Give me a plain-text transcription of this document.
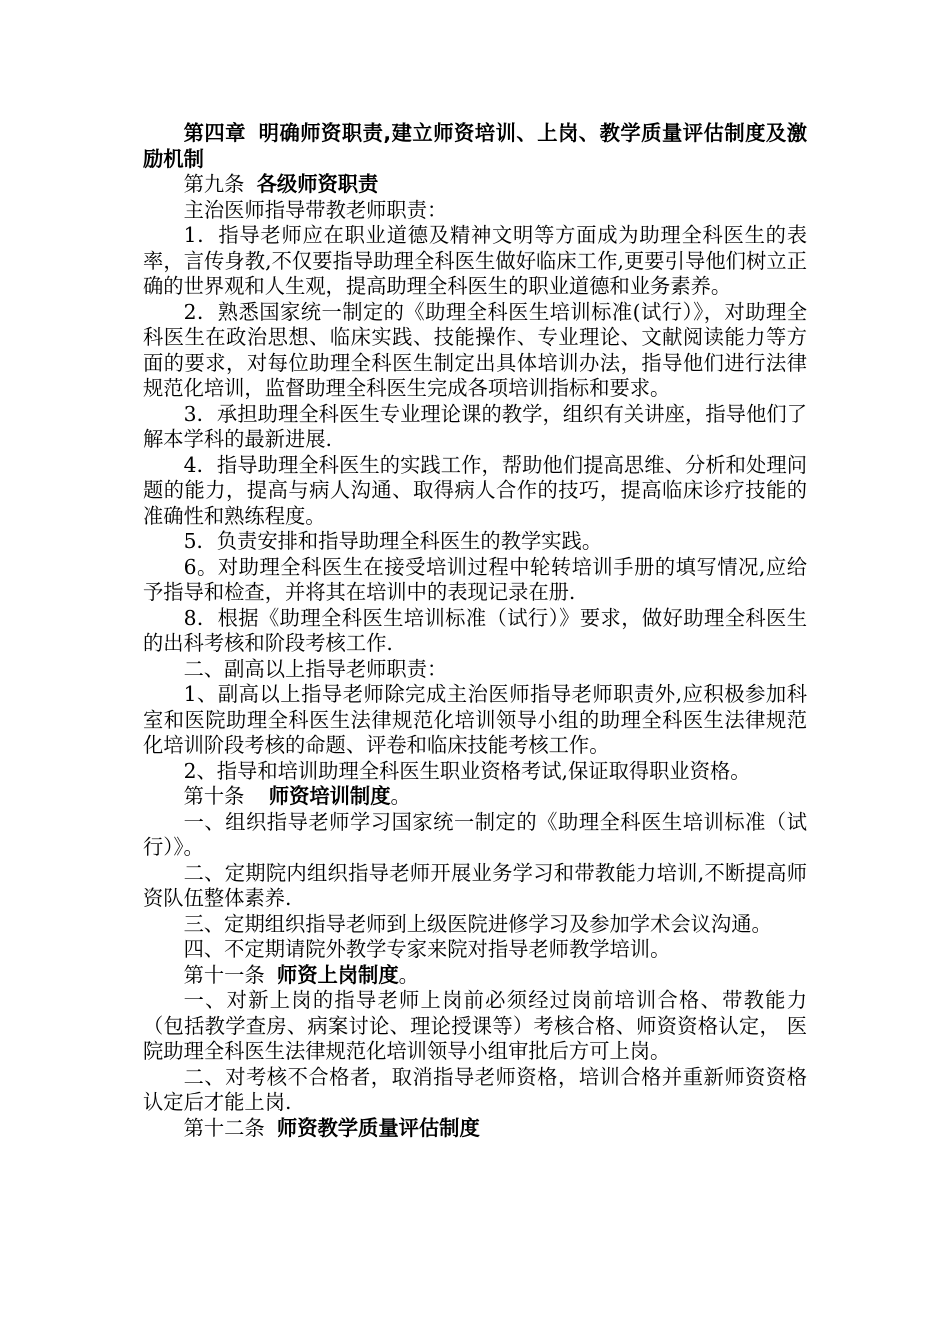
第四章 明确师资职责,建立师资培训、上岗、教学质量评估制度及激励机制

第九条 各级师资职责

主治医师指导带教老师职责：

1．指导老师应在职业道德及精神文明等方面成为助理全科医生的表率，言传身教,不仅要指导助理全科医生做好临床工作,更要引导他们树立正确的世界观和人生观，提高助理全科医生的职业道德和业务素养。

2．熟悉国家统一制定的《助理全科医生培训标准(试行）》，对助理全科医生在政治思想、临床实践、技能操作、专业理论、文献阅读能力等方面的要求，对每位助理全科医生制定出具体培训办法，指导他们进行法律规范化培训，监督助理全科医生完成各项培训指标和要求。

3．承担助理全科医生专业理论课的教学，组织有关讲座，指导他们了解本学科的最新进展.

4．指导助理全科医生的实践工作，帮助他们提高思维、分析和处理问题的能力，提高与病人沟通、取得病人合作的技巧，提高临床诊疗技能的准确性和熟练程度。

5．负责安排和指导助理全科医生的教学实践。

6。对助理全科医生在接受培训过程中轮转培训手册的填写情况,应给予指导和检查，并将其在培训中的表现记录在册.

8．根据《助理全科医生培训标准（试行）》要求，做好助理全科医生的出科考核和阶段考核工作.

二、副高以上指导老师职责：

1、副高以上指导老师除完成主治医师指导老师职责外,应积极参加科室和医院助理全科医生法律规范化培训领导小组的助理全科医生法律规范化培训阶段考核的命题、评卷和临床技能考核工作。

2、指导和培训助理全科医生职业资格考试,保证取得职业资格。

第十条 师资培训制度。

一、组织指导老师学习国家统一制定的《助理全科医生培训标准（试行）》。

二、定期院内组织指导老师开展业务学习和带教能力培训,不断提高师资队伍整体素养.

三、定期组织指导老师到上级医院进修学习及参加学术会议沟通。

四、不定期请院外教学专家来院对指导老师教学培训。

第十一条 师资上岗制度。

一、对新上岗的指导老师上岗前必须经过岗前培训合格、带教能力（包括教学查房、病案讨论、理论授课等）考核合格、师资资格认定， 医院助理全科医生法律规范化培训领导小组审批后方可上岗。

二、对考核不合格者，取消指导老师资格，培训合格并重新师资资格认定后才能上岗.

第十二条 师资教学质量评估制度
